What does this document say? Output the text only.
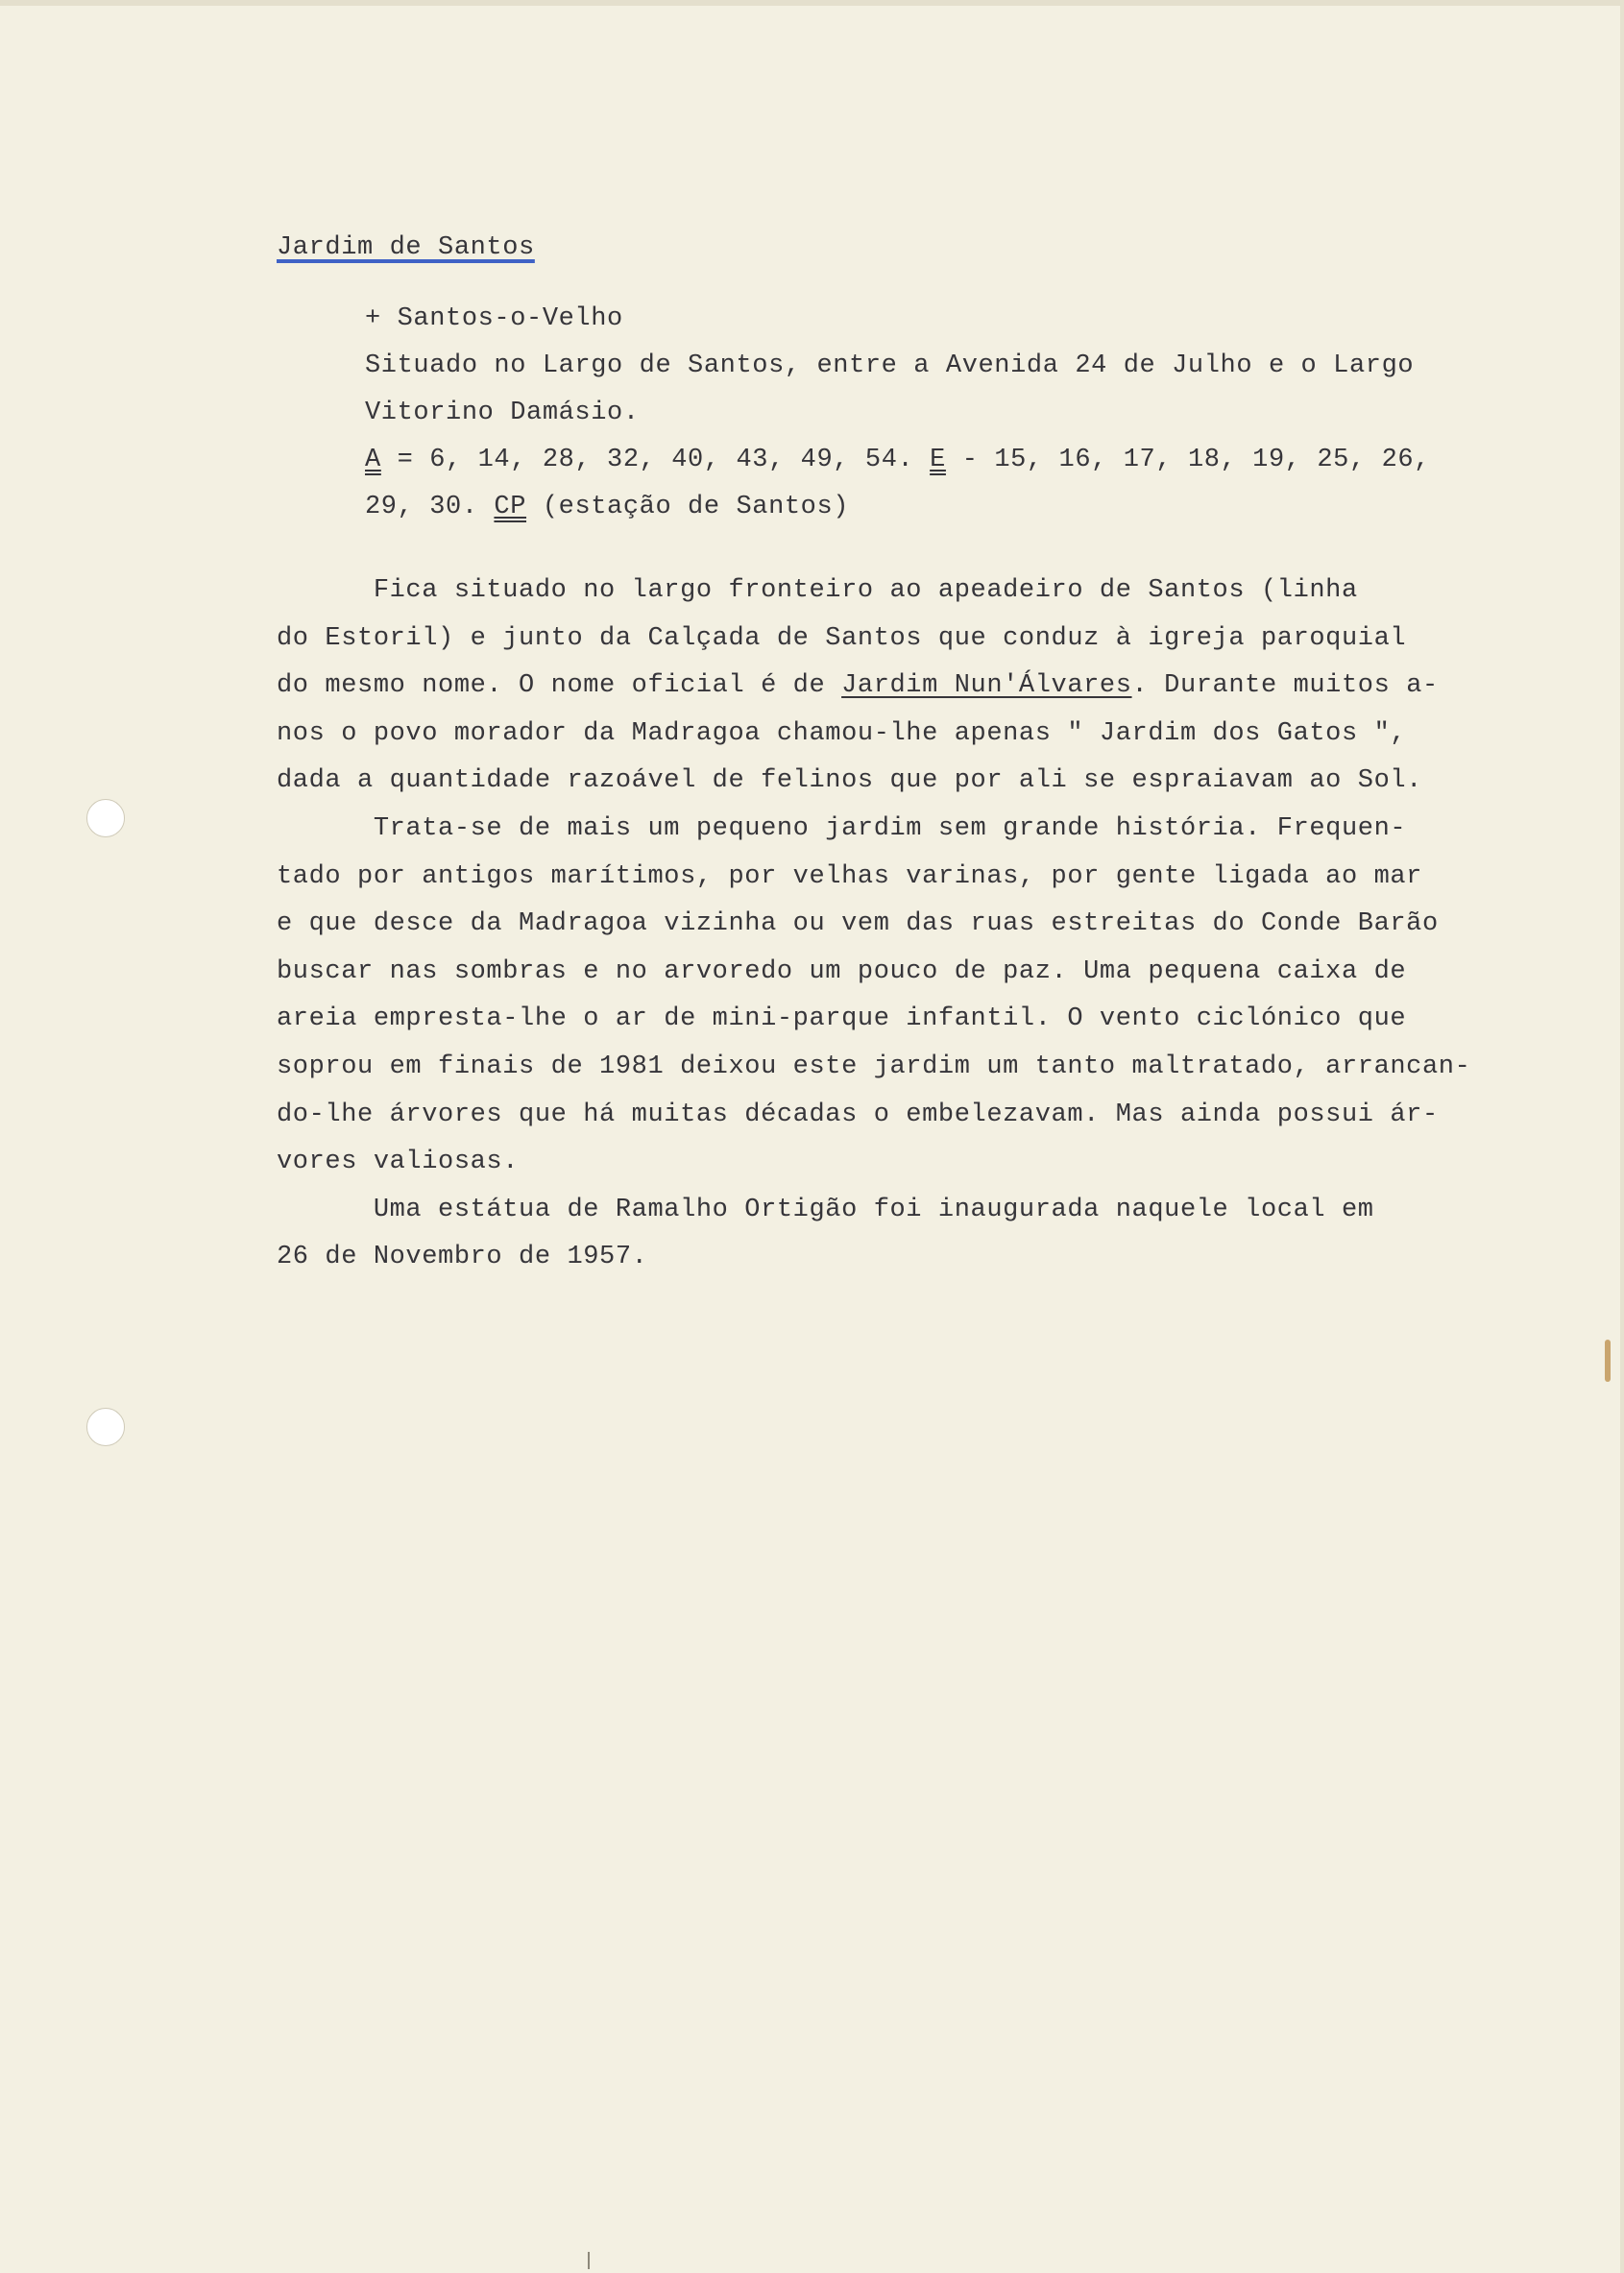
Jardim de Santos
+ Santos-o-Velho
Situado no Largo de Santos, entre a Avenida 24 de Julho e o Largo
Vitorino Damásio.
A = 6, 14, 28, 32, 40, 43, 49, 54. E - 15, 16, 17, 18, 19, 25, 26,
29, 30. CP (estação de Santos)
Fica situado no largo fronteiro ao apeadeiro de Santos (linha
do Estoril) e junto da Calçada de Santos que conduz à igreja paroquial
do mesmo nome. O nome oficial é de Jardim Nun'Álvares. Durante muitos a-
nos o povo morador da Madragoa chamou-lhe apenas " Jardim dos Gatos ",
dada a quantidade razoável de felinos que por ali se espraiavam ao Sol.
Trata-se de mais um pequeno jardim sem grande história. Frequen-
tado por antigos marítimos, por velhas varinas, por gente ligada ao mar
e que desce da Madragoa vizinha ou vem das ruas estreitas do Conde Barão
buscar nas sombras e no arvoredo um pouco de paz. Uma pequena caixa de
areia empresta-lhe o ar de mini-parque infantil. O vento ciclónico que
soprou em finais de 1981 deixou este jardim um tanto maltratado, arrancan-
do-lhe árvores que há muitas décadas o embelezavam. Mas ainda possui ár-
vores valiosas.
Uma estátua de Ramalho Ortigão foi inaugurada naquele local em
26 de Novembro de 1957.
